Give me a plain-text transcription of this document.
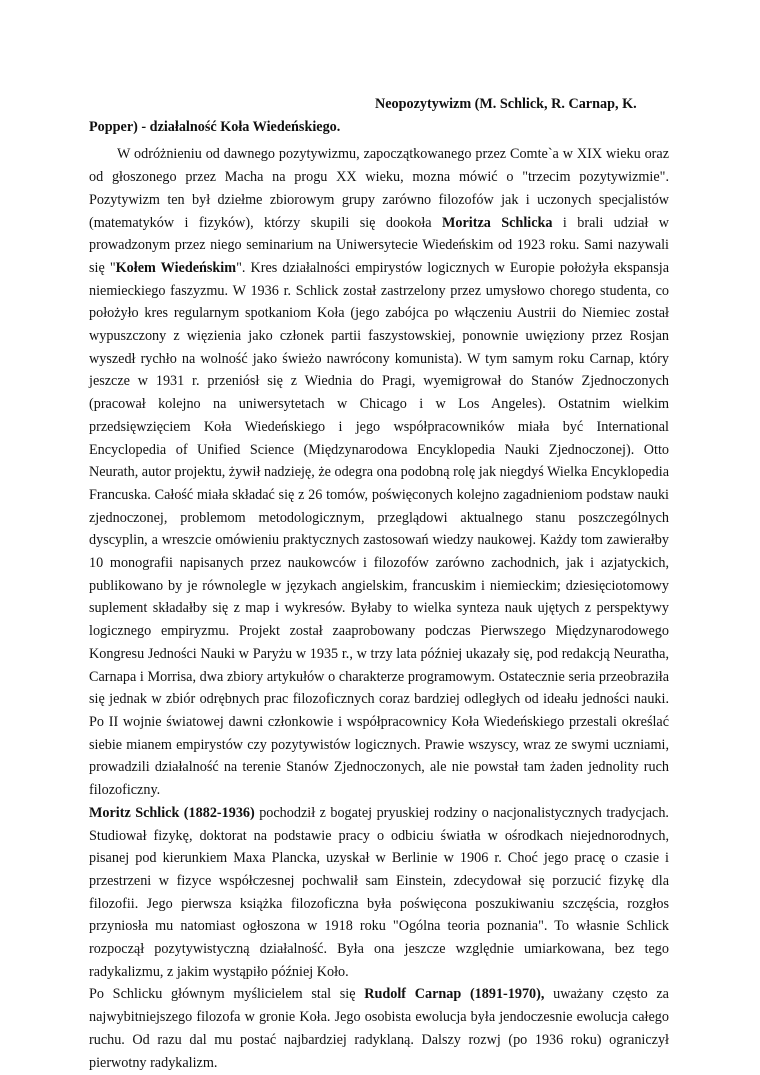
Neopozytywizm (M. Schlick, R. Carnap, K. Popper) - działalność Koła Wiedeńskiego.

W odróżnieniu od dawnego pozytywizmu, zapoczątkowanego przez Comte`a w XIX wieku oraz od głoszonego przez Macha na progu XX wieku, mozna mówić o "trzecim pozytywizmie". Pozytywizm ten był dziełme zbiorowym grupy zarówno filozofów jak i uczonych specjalistów (matematyków i fizyków), którzy skupili się dookoła Moritza Schlicka i brali udział w prowadzonym przez niego seminarium na Uniwersytecie Wiedeńskim od 1923 roku. Sami nazywali się "Kołem Wiedeńskim". Kres działalności empirystów logicznych w Europie położyła ekspansja niemieckiego faszyzmu. W 1936 r. Schlick został zastrzelony przez umysłowo chorego studenta, co położyło kres regularnym spotkaniom Koła (jego zabójca po włączeniu Austrii do Niemiec został wypuszczony z więzienia jako członek partii faszystowskiej, ponownie uwięziony przez Rosjan wyszedł rychło na wolność jako świeżo nawrócony komunista). W tym samym roku Carnap, który jeszcze w 1931 r. przeniósł się z Wiednia do Pragi, wyemigrował do Stanów Zjednoczonych (pracował kolejno na uniwersytetach w Chicago i w Los Angeles). Ostatnim wielkim przedsięwzięciem Koła Wiedeńskiego i jego współpracowników miała być International Encyclopedia of Unified Science (Międzynarodowa Encyklopedia Nauki Zjednoczonej). Otto Neurath, autor projektu, żywił nadzieję, że odegra ona podobną rolę jak niegdyś Wielka Encyklopedia Francuska. Całość miała składać się z 26 tomów, poświęconych kolejno zagadnieniom podstaw nauki zjednoczonej, problemom metodologicznym, przeglądowi aktualnego stanu poszczególnych dyscyplin, a wreszcie omówieniu praktycznych zastosowań wiedzy naukowej. Każdy tom zawierałby 10 monografii napisanych przez naukowców i filozofów zarówno zachodnich, jak i azjatyckich, publikowano by je równolegle w językach angielskim, francuskim i niemieckim; dziesięciotomowy suplement składałby się z map i wykresów. Byłaby to wielka synteza nauk ujętych z perspektywy logicznego empiryzmu. Projekt został zaaprobowany podczas Pierwszego Międzynarodowego Kongresu Jedności Nauki w Paryżu w 1935 r., w trzy lata później ukazały się, pod redakcją Neuratha, Carnapa i Morrisa, dwa zbiory artykułów o charakterze programowym. Ostatecznie seria przeobraziła się jednak w zbiór odrębnych prac filozoficznych coraz bardziej odległych od ideału jedności nauki. Po II wojnie światowej dawni członkowie i współpracownicy Koła Wiedeńskiego przestali określać siebie mianem empirystów czy pozytywistów logicznych. Prawie wszyscy, wraz ze swymi uczniami, prowadzili działalność na terenie Stanów Zjednoczonych, ale nie powstał tam żaden jednolity ruch filozoficzny.

Moritz Schlick (1882-1936) pochodził z bogatej pryuskiej rodziny o nacjonalistycznych tradycjach. Studiował fizykę, doktorat na podstawie pracy o odbiciu światła w ośrodkach niejednorodnych, pisanej pod kierunkiem Maxa Plancka, uzyskał w Berlinie w 1906 r. Choć jego pracę o czasie i przestrzeni w fizyce współczesnej pochwalił sam Einstein, zdecydował się porzucić fizykę dla filozofii. Jego pierwsza książka filozoficzna była poświęcona poszukiwaniu szczęścia, rozgłos przyniosła mu natomiast ogłoszona w 1918 roku "Ogólna teoria poznania". To własnie Schlick rozpoczął pozytywistyczną działalność. Była ona jeszcze względnie umiarkowana, bez tego radykalizmu, z jakim wystąpiło później Koło.

Po Schlicku głównym myślicielem stal się Rudolf Carnap (1891-1970), uważany często za najwybitniejszego filozofa w gronie Koła. Jego osobista ewolucja była jendoczesnie ewolucja całego ruchu. Od razu dal mu postać najbardziej radyklaną. Dalszy rozwj (po 1936 roku) ograniczył pierwotny radykalizm.
